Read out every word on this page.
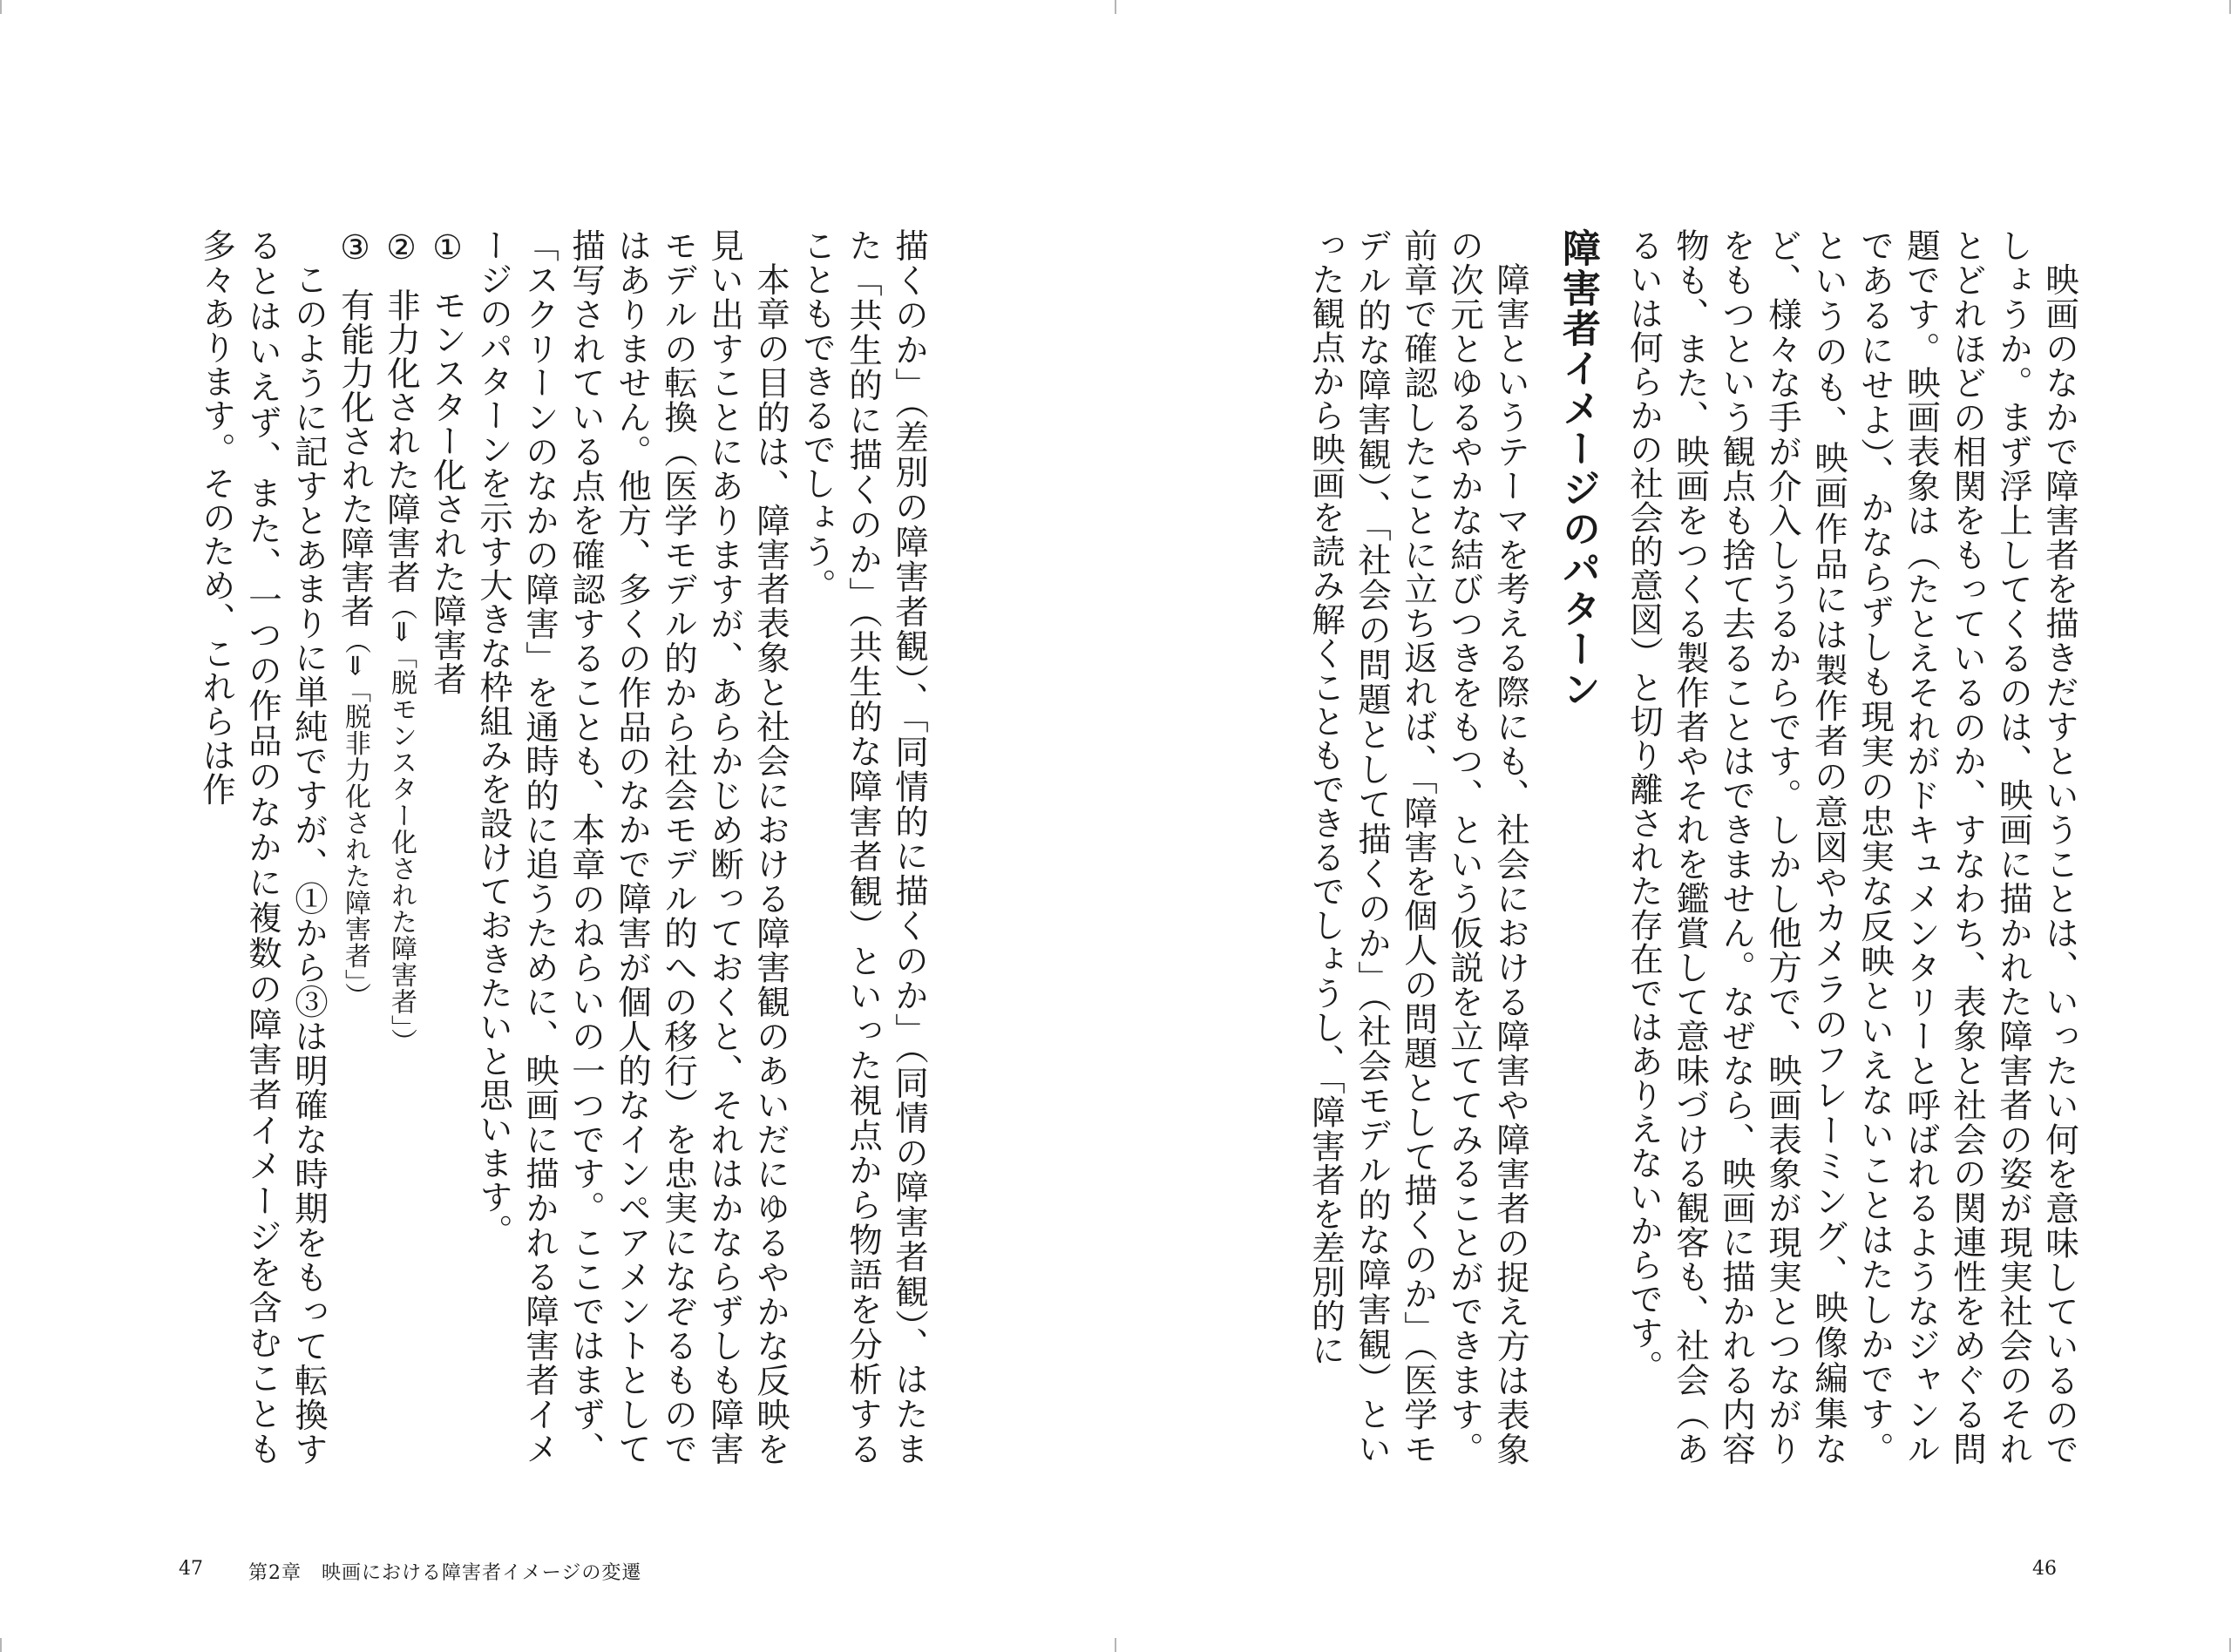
描くのか」（差別の障害者観）、「同情的に描くのか」（同情の障害者観）、はたまた「共生的に描くのか」（共生的な障害者観）といった視点から物語を分析することもできるでしょう。

本章の目的は、障害者表象と社会における障害観のあいだにゆるやかな反映を見い出すことにありますが、あらかじめ断っておくと、それはかならずしも障害モデルの転換（医学モデル的から社会モデル的への移行）を忠実になぞるものではありません。他方、多くの作品のなかで障害が個人的なインペアメントとして描写されている点を確認することも、本章のねらいの一つです。ここではまず、「スクリーンのなかの障害」を通時的に追うために、映画に描かれる障害者イメージのパターンを示す大きな枠組みを設けておきたいと思います。

①モンスター化された障害者

②非力化された障害者（⇒「脱モンスター化された障害者」）

③有能力化された障害者（⇒「脱非力化された障害者」）

このように記すとあまりに単純ですが、①から③は明確な時期をもって転換するとはいえず、また、一つの作品のなかに複数の障害者イメージを含むことも多々あります。そのため、これらは作

47 第2章　映画における障害者イメージの変遷

映画のなかで障害者を描きだすということは、いったい何を意味しているのでしょうか。まず浮上してくるのは、映画に描かれた障害者の姿が現実社会のそれとどれほどの相関をもっているのか、すなわち、表象と社会の関連性をめぐる問題です。映画表象は（たとえそれがドキュメンタリーと呼ばれるようなジャンルであるにせよ）、かならずしも現実の忠実な反映といえないことはたしかです。というのも、映画作品には製作者の意図やカメラのフレーミング、映像編集など、様々な手が介入しうるからです。しかし他方で、映画表象が現実とつながりをもつという観点も捨て去ることはできません。なぜなら、映画に描かれる内容物も、また、映画をつくる製作者やそれを鑑賞して意味づける観客も、社会（あるいは何らかの社会的意図）と切り離された存在ではありえないからです。

障害者イメージのパターン

障害というテーマを考える際にも、社会における障害や障害者の捉え方は表象の次元とゆるやかな結びつきをもつ、という仮説を立ててみることができます。前章で確認したことに立ち返れば、「障害を個人の問題として描くのか」（医学モデル的な障害観）、「社会の問題として描くのか」（社会モデル的な障害観）といった観点から映画を読み解くこともできるでしょうし、「障害者を差別的に

46
